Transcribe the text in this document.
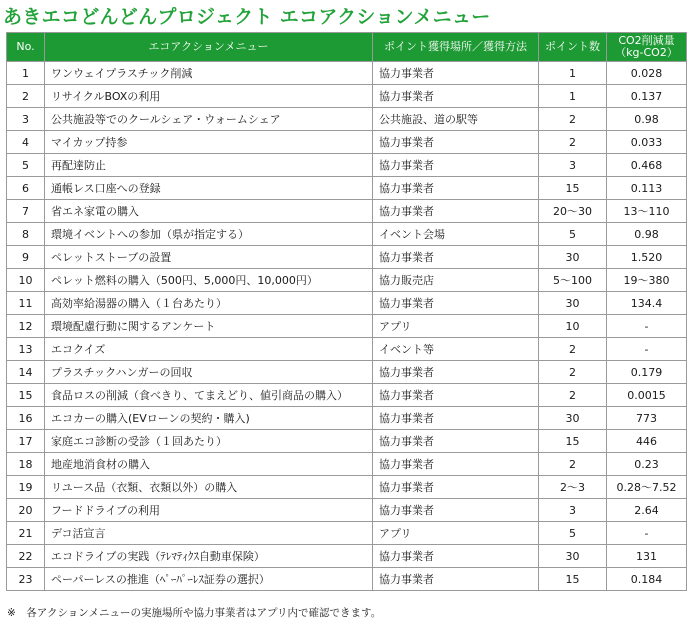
あきエコどんどんプロジェクト エコアクションメニュー
No.	エコアクションメニュー	ポイント獲得場所／獲得方法	ポイント数	CO2削減量
（kg-CO2）

1	ワンウェイプラスチック削減	協力事業者	1	0.028
2	リサイクルBOXの利用	協力事業者	1	0.137
3	公共施設等でのクールシェア・ウォームシェア	公共施設、道の駅等	2	0.98
4	マイカップ持参	協力事業者	2	0.033
5	再配達防止	協力事業者	3	0.468
6	通帳レス口座への登録	協力事業者	15	0.113
7	省エネ家電の購入	協力事業者	20～30	13～110
8	環境イベントへの参加（県が指定する）	イベント会場	5	0.98
9	ペレットストーブの設置	協力事業者	30	1.520
10	ペレット燃料の購入（500円、5,000円、10,000円）	協力販売店	5～100	19～380
11	高効率給湯器の購入（１台あたり）	協力事業者	30	134.4
12	環境配慮行動に関するアンケート	アプリ	10	-
13	エコクイズ	イベント等	2	-
14	プラスチックハンガーの回収	協力事業者	2	0.179
15	食品ロスの削減（食べきり、てまえどり、値引商品の購入）	協力事業者	2	0.0015
16	エコカーの購入(EVローンの契約・購入)	協力事業者	30	773
17	家庭エコ診断の受診（１回あたり）	協力事業者	15	446
18	地産地消食材の購入	協力事業者	2	0.23
19	リユース品（衣類、衣類以外）の購入	協力事業者	2～3	0.28～7.52
20	フードドライブの利用	協力事業者	3	2.64
21	デコ活宣言	アプリ	5	-
22	エコドライブの実践（ﾃﾚﾏﾃｨｸｽ自動車保険）	協力事業者	30	131
23	ペーパーレスの推進（ﾍﾟｰﾊﾟｰﾚｽ証券の選択）	協力事業者	15	0.184
※　各アクションメニューの実施場所や協力事業者はアプリ内で確認できます。
